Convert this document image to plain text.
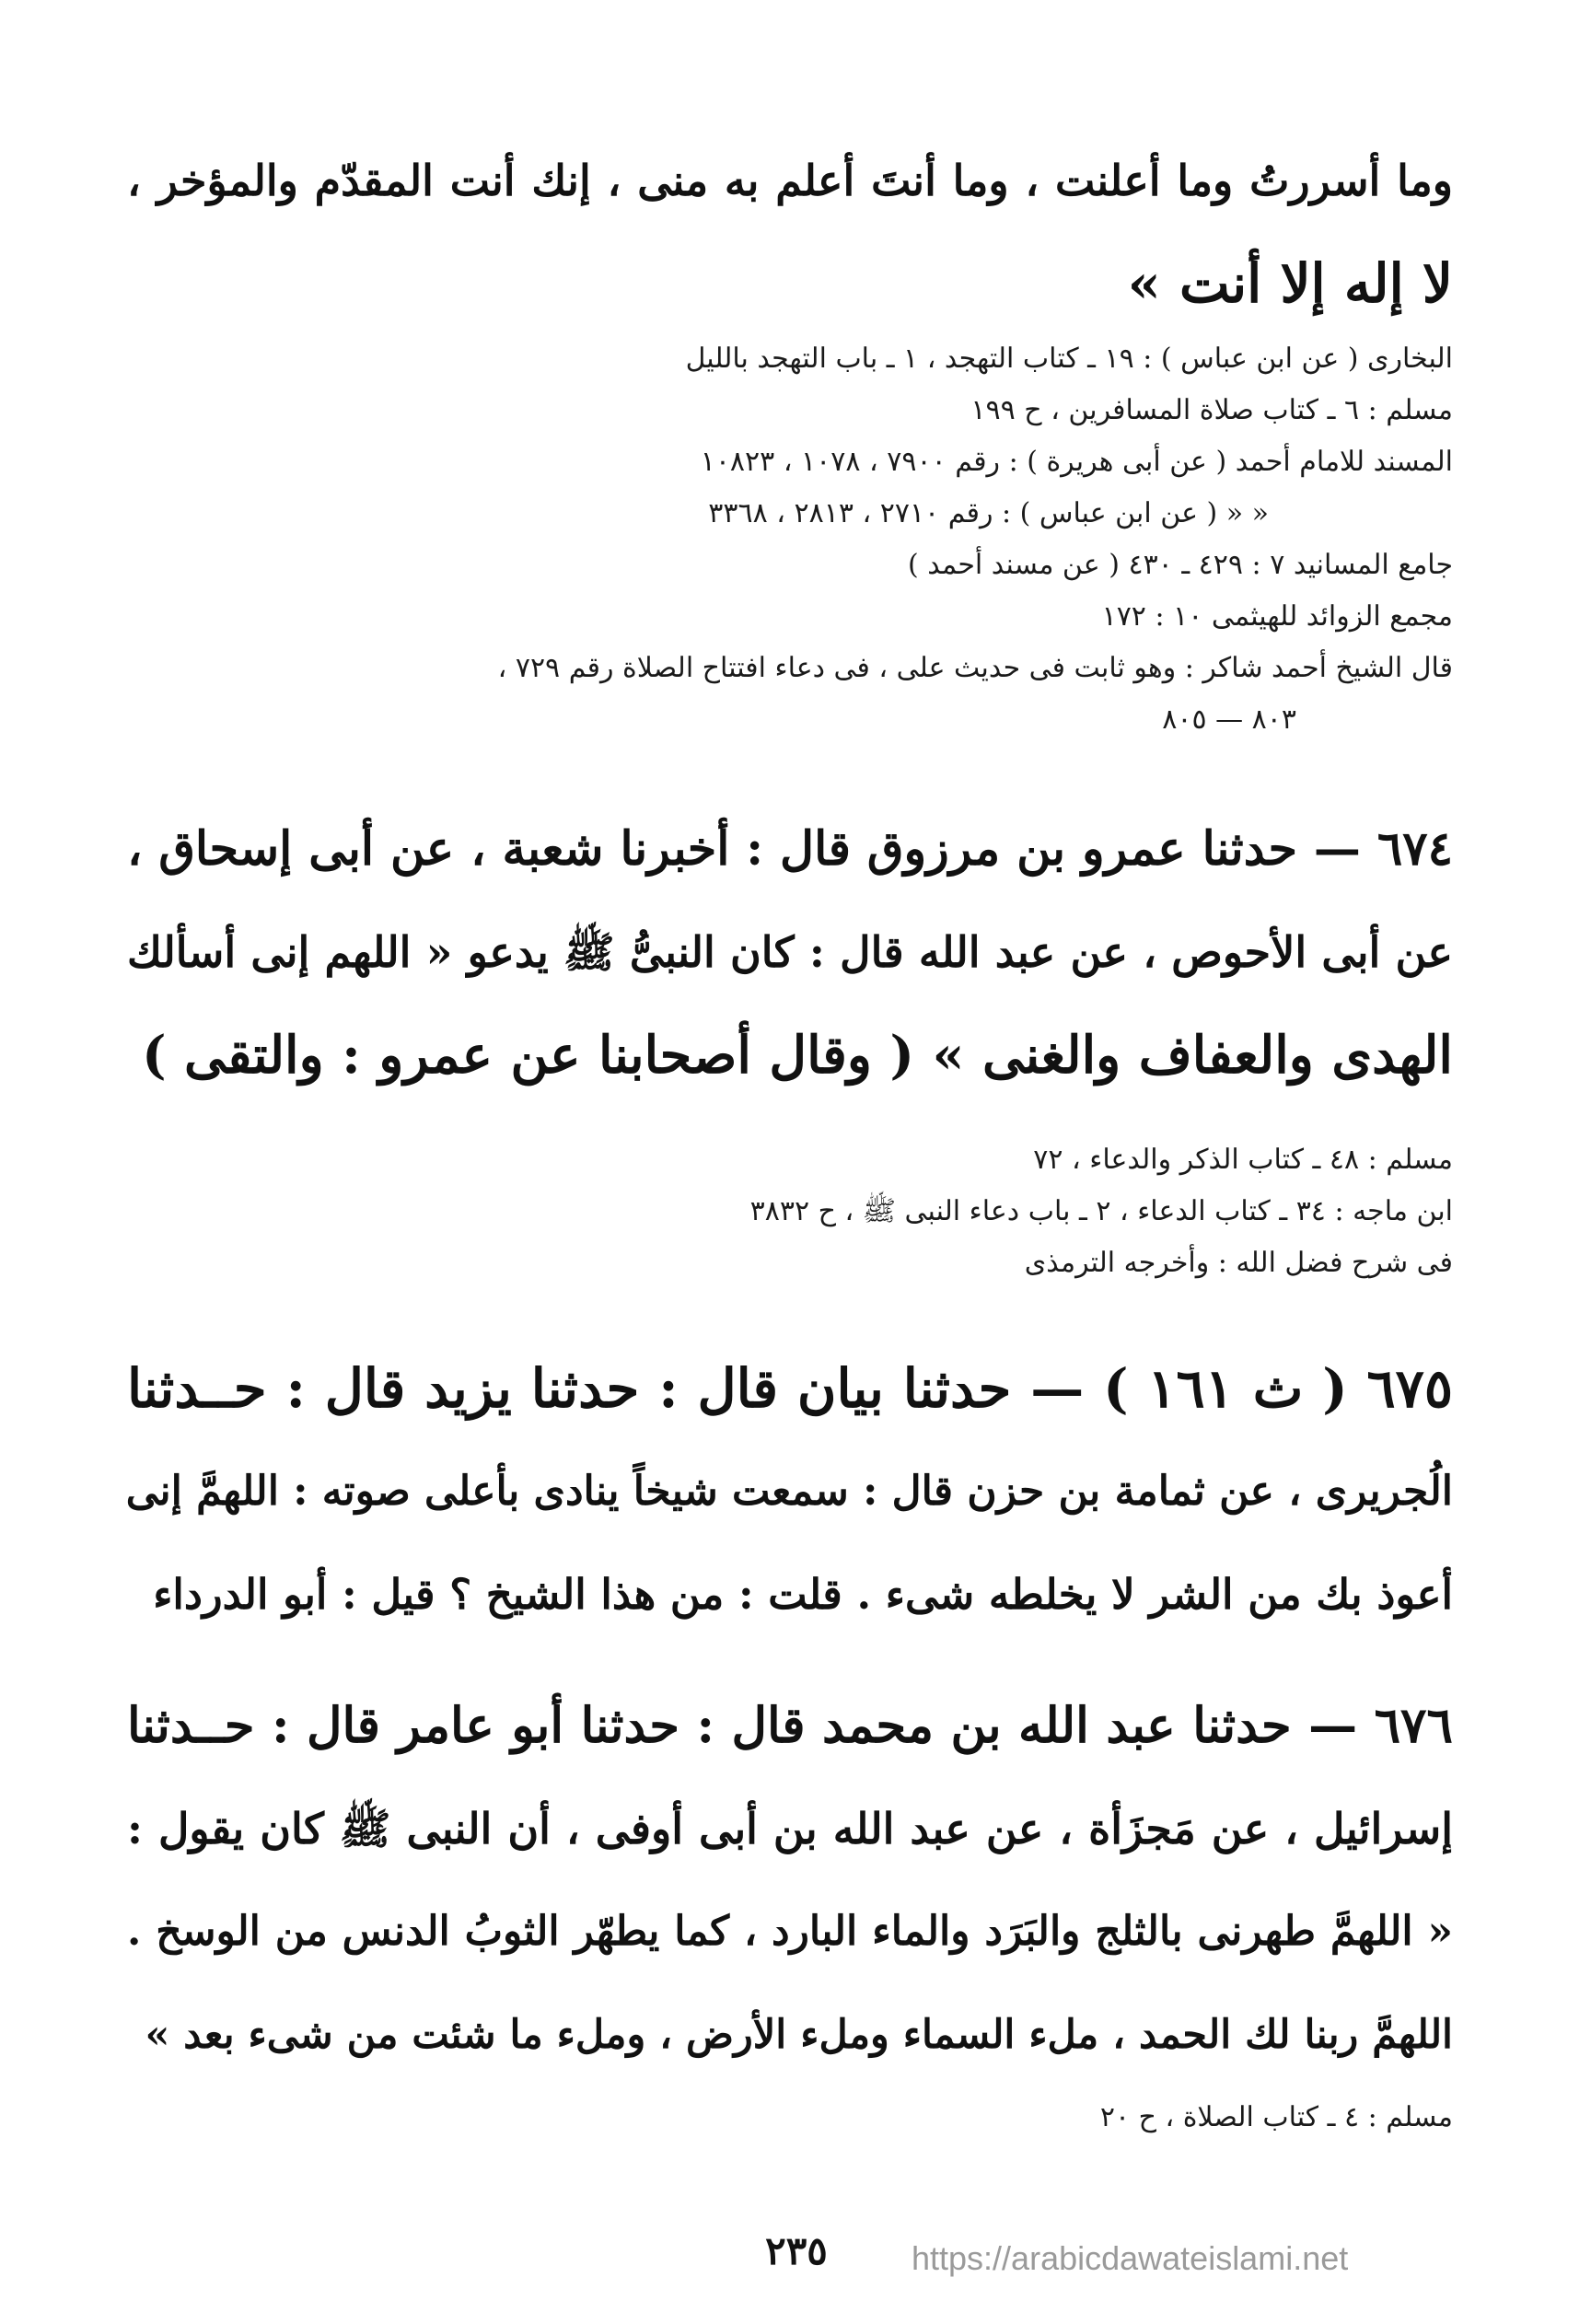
وما أسررتُ وما أعلنت ، وما أنتَ أعلم به منى ، إنك أنت المقدّم والمؤخر ،
لا إله إلا أنت »
البخارى ( عن ابن عباس ) : ١٩ ـ كتاب التهجد ، ١ ـ باب التهجد بالليل
مسلم : ٦ ـ كتاب صلاة المسافرين ، ح ١٩٩
المسند للامام أحمد ( عن أبى هريرة ) : رقم ٧٩٠٠ ، ١٠٧٨ ، ١٠٨٢٣
« « ( عن ابن عباس ) : رقم ٢٧١٠ ، ٢٨١٣ ، ٣٣٦٨
جامع المسانيد ٧ : ٤٢٩ ـ ٤٣٠ ( عن مسند أحمد )
مجمع الزوائد للهيثمى ١٠ : ١٧٢
قال الشيخ أحمد شاكر : وهو ثابت فى حديث على ، فى دعاء افتتاح الصلاة رقم ٧٢٩ ،
٨٠٣ — ٨٠٥
٦٧٤ — حدثنا عمرو بن مرزوق قال : أخبرنا شعبة ، عن أبى إسحاق ،
عن أبى الأحوص ، عن عبد الله قال : كان النبىُّ ﷺ يدعو « اللهم إنى أسألك
الهدى والعفاف والغنى » ( وقال أصحابنا عن عمرو : والتقى )
مسلم : ٤٨ ـ كتاب الذكر والدعاء ، ٧٢
ابن ماجه : ٣٤ ـ كتاب الدعاء ، ٢ ـ باب دعاء النبى ﷺ ، ح ٣٨٣٢
فى شرح فضل الله : وأخرجه الترمذى
٦٧٥ ( ث ١٦١ ) — حدثنا بيان قال : حدثنا يزيد قال : حــدثنا
الُجريرى ، عن ثمامة بن حزن قال : سمعت شيخاً ينادى بأعلى صوته : اللهمَّ إنى
أعوذ بك من الشر لا يخلطه شىء . قلت : من هذا الشيخ ؟ قيل : أبو الدرداء
٦٧٦ — حدثنا عبد الله بن محمد قال : حدثنا أبو عامر قال : حــدثنا
إسرائيل ، عن مَجزَأة ، عن عبد الله بن أبى أوفى ، أن النبى ﷺ كان يقول :
« اللهمَّ طهرنى بالثلج والبَرَد والماء البارد ، كما يطهّر الثوبُ الدنس من الوسخ .
اللهمَّ ربنا لك الحمد ، ملء السماء وملء الأرض ، وملء ما شئت من شىء بعد »
مسلم : ٤ ـ كتاب الصلاة ، ح ٢٠
٢٣٥	https://arabicdawateislami.net
